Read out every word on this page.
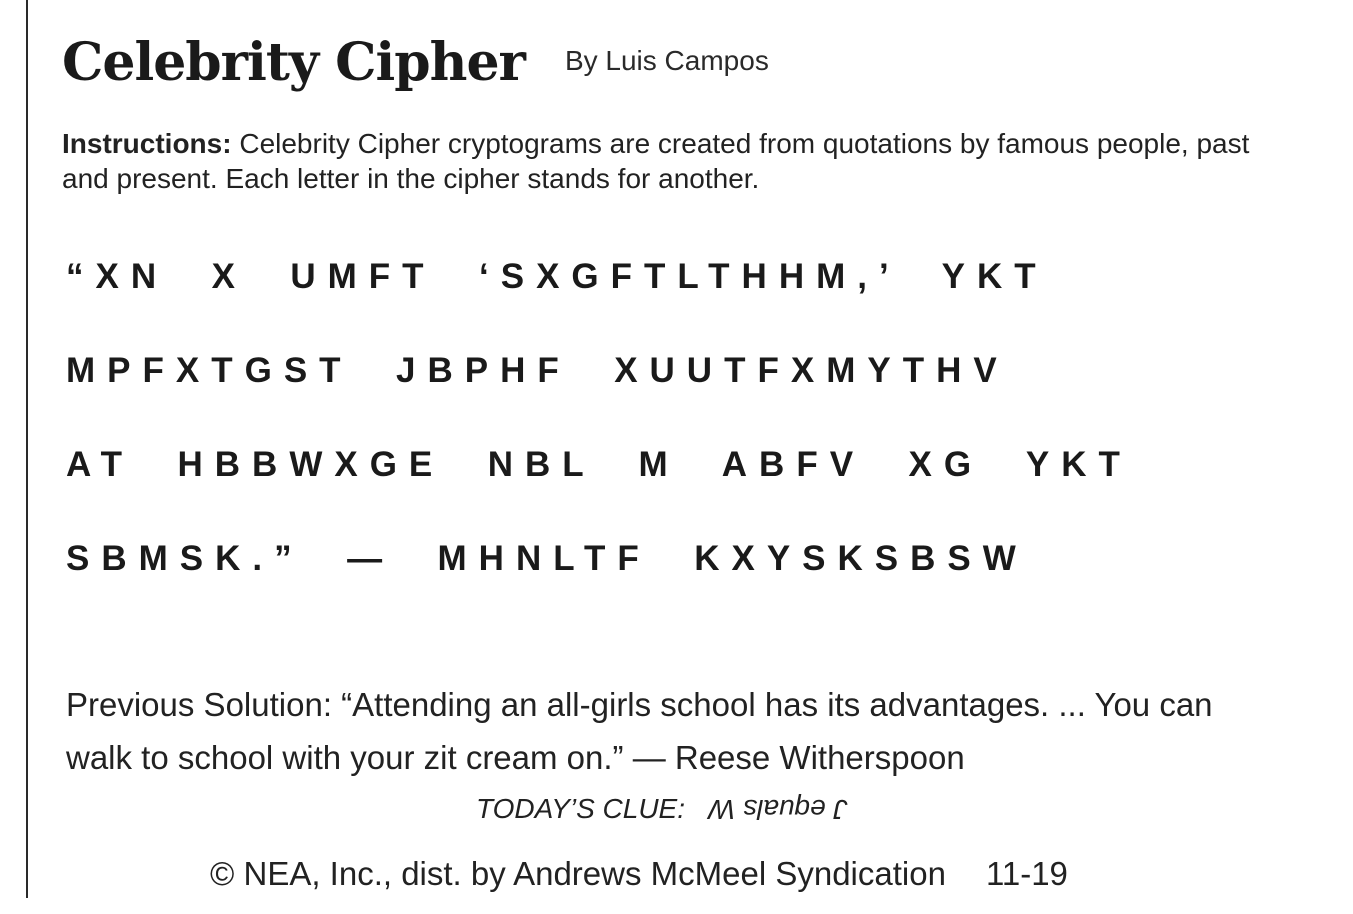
Celebrity Cipher By Luis Campos
Instructions: Celebrity Cipher cryptograms are created from quotations by famous people, past and present. Each letter in the cipher stands for another.
“XN  X  UMFT  ‘SXGFTLTHHM,’  YKT
MPFXTGST  JBPHF  XUUTFXMYTHV
AT  HBBWXGE  NBL  M  ABFV  XG  YKT
SBMSK.”  —  MHNLTF  KXYSKSBSW
Previous Solution: “Attending an all-girls school has its advantages. ... You can walk to school with your zit cream on.” — Reese Witherspoon
TODAY’S CLUE: J equals W
© NEA, Inc., dist. by Andrews McMeel Syndication 11-19
